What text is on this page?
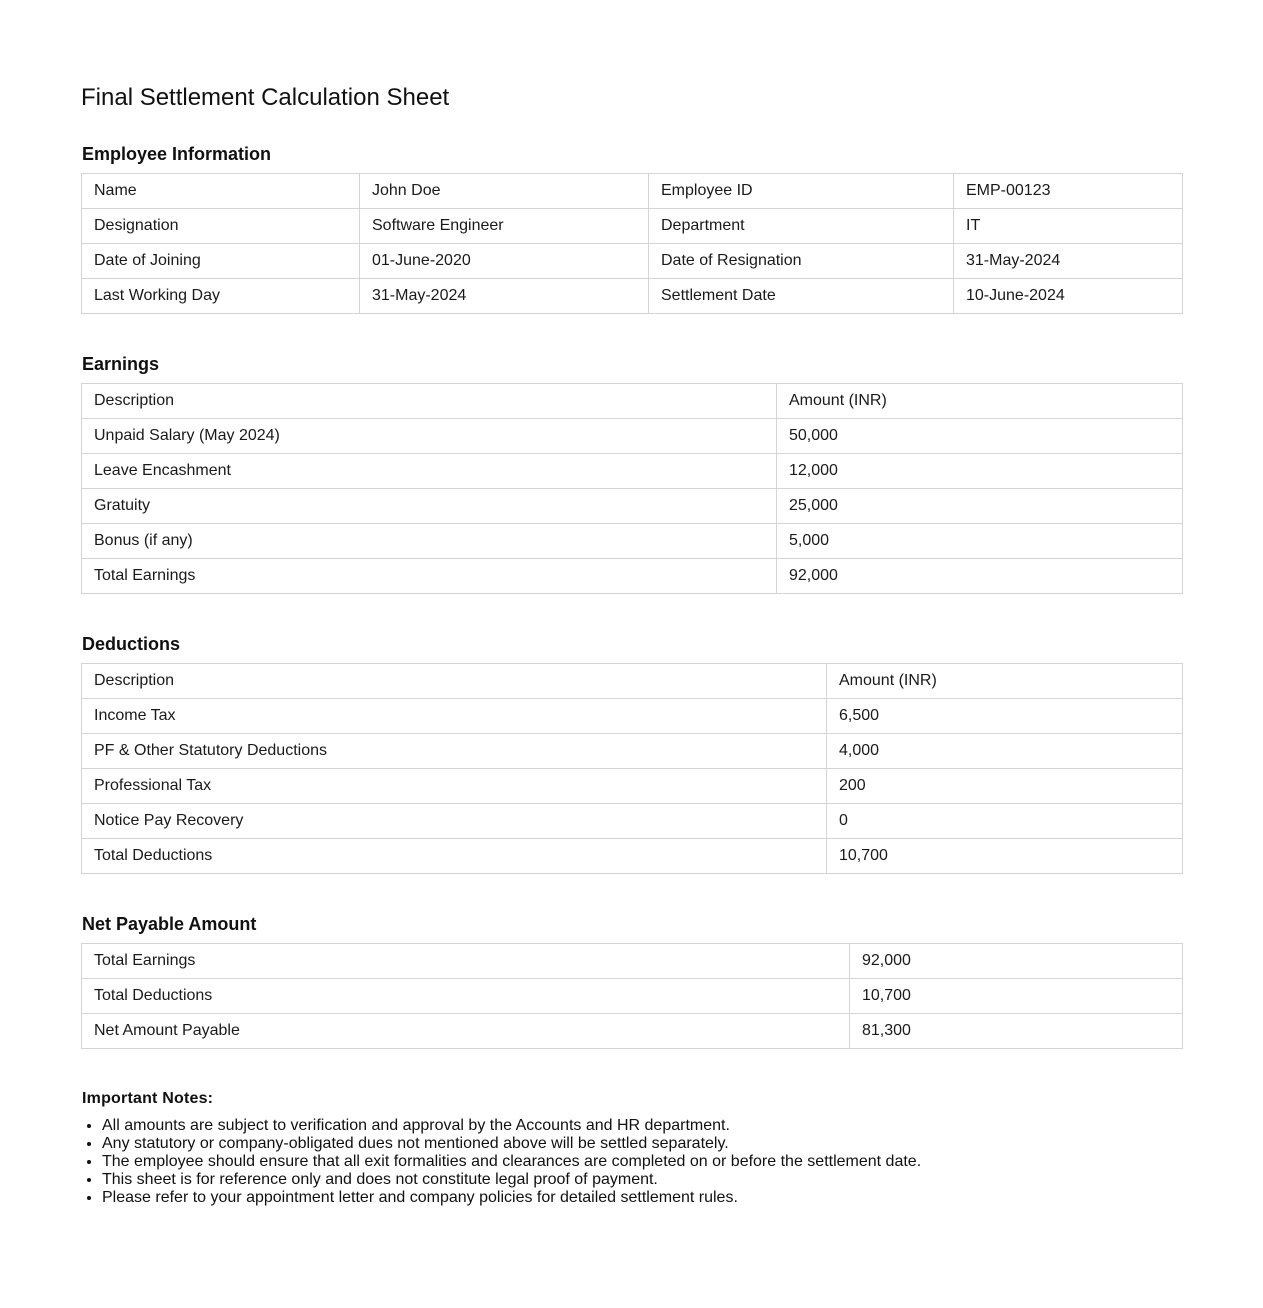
Final Settlement Calculation Sheet
Employee Information
Name	John Doe	Employee ID	EMP-00123
Designation	Software Engineer	Department	IT
Date of Joining	01-June-2020	Date of Resignation	31-May-2024
Last Working Day	31-May-2024	Settlement Date	10-June-2024
Earnings
Description	Amount (INR)
Unpaid Salary (May 2024)	50,000
Leave Encashment	12,000
Gratuity	25,000
Bonus (if any)	5,000
Total Earnings	92,000
Deductions
Description	Amount (INR)
Income Tax	6,500
PF & Other Statutory Deductions	4,000
Professional Tax	200
Notice Pay Recovery	0
Total Deductions	10,700
Net Payable Amount
Total Earnings	92,000
Total Deductions	10,700
Net Amount Payable	81,300
Important Notes:
• All amounts are subject to verification and approval by the Accounts and HR department.
• Any statutory or company-obligated dues not mentioned above will be settled separately.
• The employee should ensure that all exit formalities and clearances are completed on or before the settlement date.
• This sheet is for reference only and does not constitute legal proof of payment.
• Please refer to your appointment letter and company policies for detailed settlement rules.
